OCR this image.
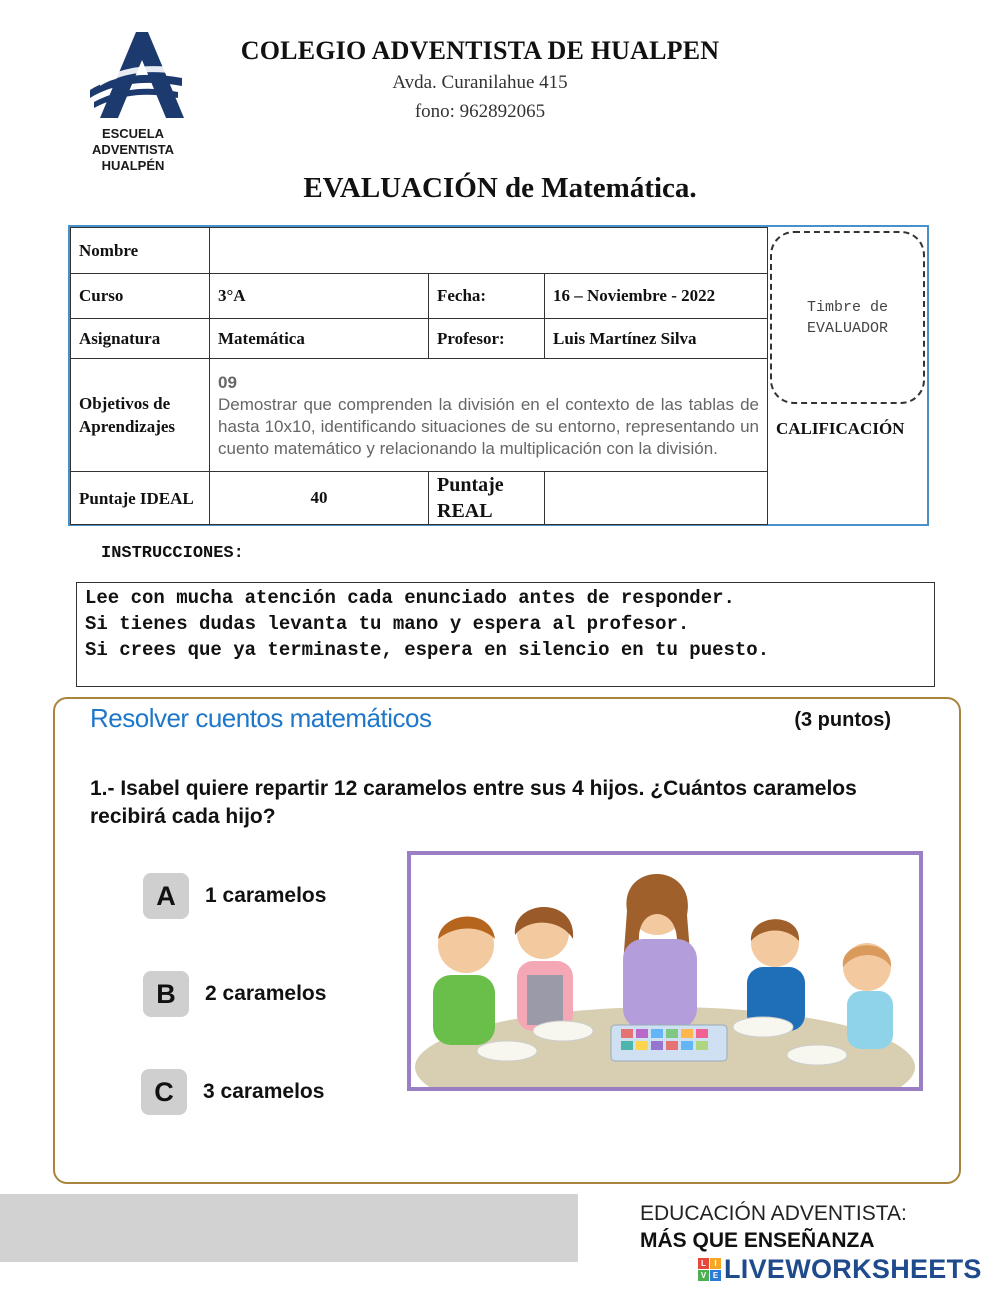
ESCUELA
ADVENTISTA
HUALPÉN
COLEGIO ADVENTISTA DE HUALPEN
Avda. Curanilahue 415
fono: 962892065
EVALUACIÓN de Matemática.
Nombre			
Curso	3°A	Fecha:	16 – Noviembre - 2022
Asignatura	Matemática	Profesor:	Luis Martínez Silva
Objetivos de Aprendizajes	09
Demostrar que comprenden la división en el contexto de las tablas de hasta 10x10, identificando situaciones de su entorno, representando un cuento matemático y relacionando la multiplicación con la división.		
Puntaje IDEAL	40	Puntaje REAL	
Timbre de EVALUADOR
CALIFICACIÓN
INSTRUCCIONES:
Lee con mucha atención cada enunciado antes de responder.
Si tienes dudas levanta tu mano y espera al profesor.
Si crees que ya terminaste, espera en silencio en tu puesto.
Resolver cuentos matemáticos	(3 puntos)
1.- Isabel quiere repartir 12 caramelos entre sus 4 hijos. ¿Cuántos caramelos recibirá cada hijo?
A	1 caramelos
B	2 caramelos
C	3 caramelos
EDUCACIÓN ADVENTISTA:
MÁS QUE ENSEÑANZA
L	I
V E LIVEWORKSHEETS
